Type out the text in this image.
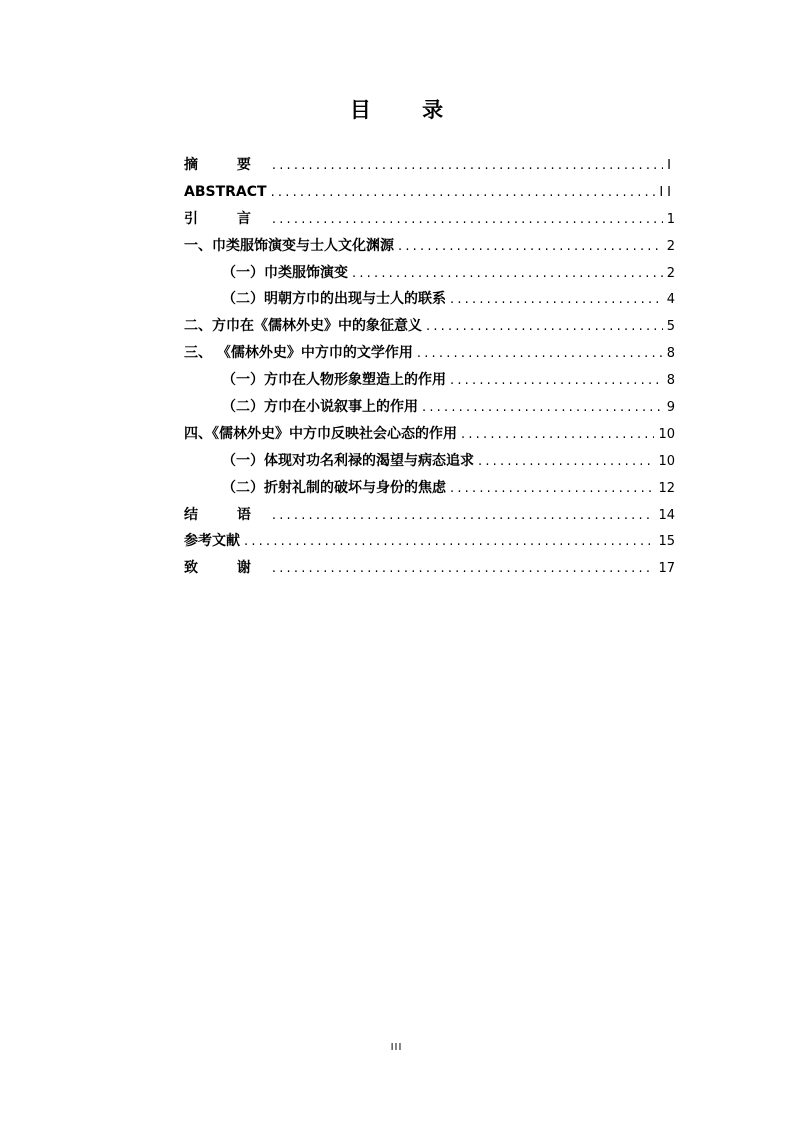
目 录
摘 要 .....	I
ABSTRACT .....	II
引 言 .....	1
一、巾类服饰演变与士人文化渊源 .....	2
（一）巾类服饰演变 .....	2
（二）明朝方巾的出现与士人的联系 .....	4
二、方巾在《儒林外史》中的象征意义 .....	5
三、 《儒林外史》中方巾的文学作用 .....	8
（一）方巾在人物形象塑造上的作用 .....	8
（二）方巾在小说叙事上的作用 .....	9
四、《儒林外史》中方巾反映社会心态的作用 .....	10
（一）体现对功名利禄的渴望与病态追求 .....	10
（二）折射礼制的破坏与身份的焦虑 .....	12
结 语 .....	14
参考文献 .....	15
致 谢 .....	17
III
